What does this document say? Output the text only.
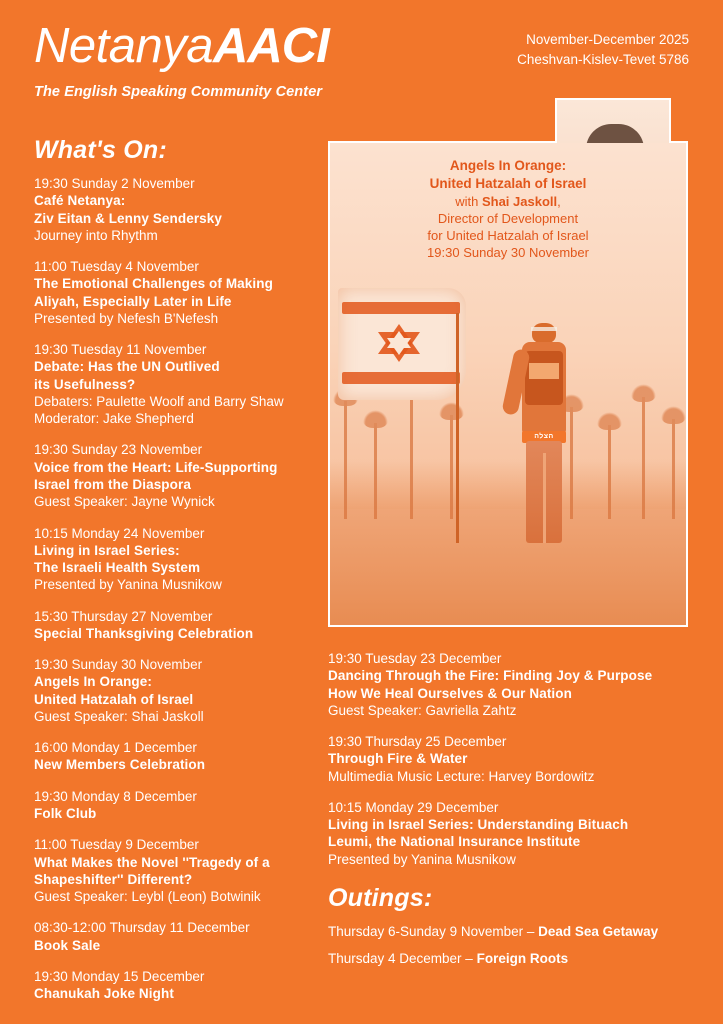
NetanyaAACI
The English Speaking Community Center
November-December 2025
Cheshvan-Kislev-Tevet 5786
What's On:
19:30 Sunday 2 November
Café Netanya:
Ziv Eitan & Lenny Sendersky
Journey into Rhythm
11:00 Tuesday 4 November
The Emotional Challenges of Making
Aliyah, Especially Later in Life
Presented by Nefesh B'Nefesh
19:30 Tuesday 11 November
Debate: Has the UN Outlived
its Usefulness?
Debaters: Paulette Woolf and Barry Shaw
Moderator: Jake Shepherd
19:30 Sunday 23 November
Voice from the Heart: Life-Supporting
Israel from the Diaspora
Guest Speaker: Jayne Wynick
10:15 Monday 24 November
Living in Israel Series:
The Israeli Health System
Presented by Yanina Musnikow
15:30 Thursday 27 November
Special Thanksgiving Celebration
19:30 Sunday 30 November
Angels In Orange:
United Hatzalah of Israel
Guest Speaker: Shai Jaskoll
16:00 Monday 1 December
New Members Celebration
19:30 Monday 8 December
Folk Club
11:00 Tuesday 9 December
What Makes the Novel ''Tragedy of a
Shapeshifter'' Different?
Guest Speaker: Leybl (Leon) Botwinik
08:30-12:00 Thursday 11 December
Book Sale
19:30 Monday 15 December
Chanukah Joke Night
הצלה
Angels In Orange:
United Hatzalah of Israel
with Shai Jaskoll,
Director of Development
for United Hatzalah of Israel
19:30 Sunday 30 November
19:30 Tuesday 23 December
Dancing Through the Fire: Finding Joy & Purpose
How We Heal Ourselves & Our Nation
Guest Speaker: Gavriella Zahtz
19:30 Thursday 25 December
Through Fire & Water
Multimedia Music Lecture: Harvey Bordowitz
10:15 Monday 29 December
Living in Israel Series: Understanding Bituach
Leumi, the National Insurance Institute
Presented by Yanina Musnikow
Outings:
Thursday 6-Sunday 9 November – Dead Sea Getaway
Thursday 4 December – Foreign Roots
